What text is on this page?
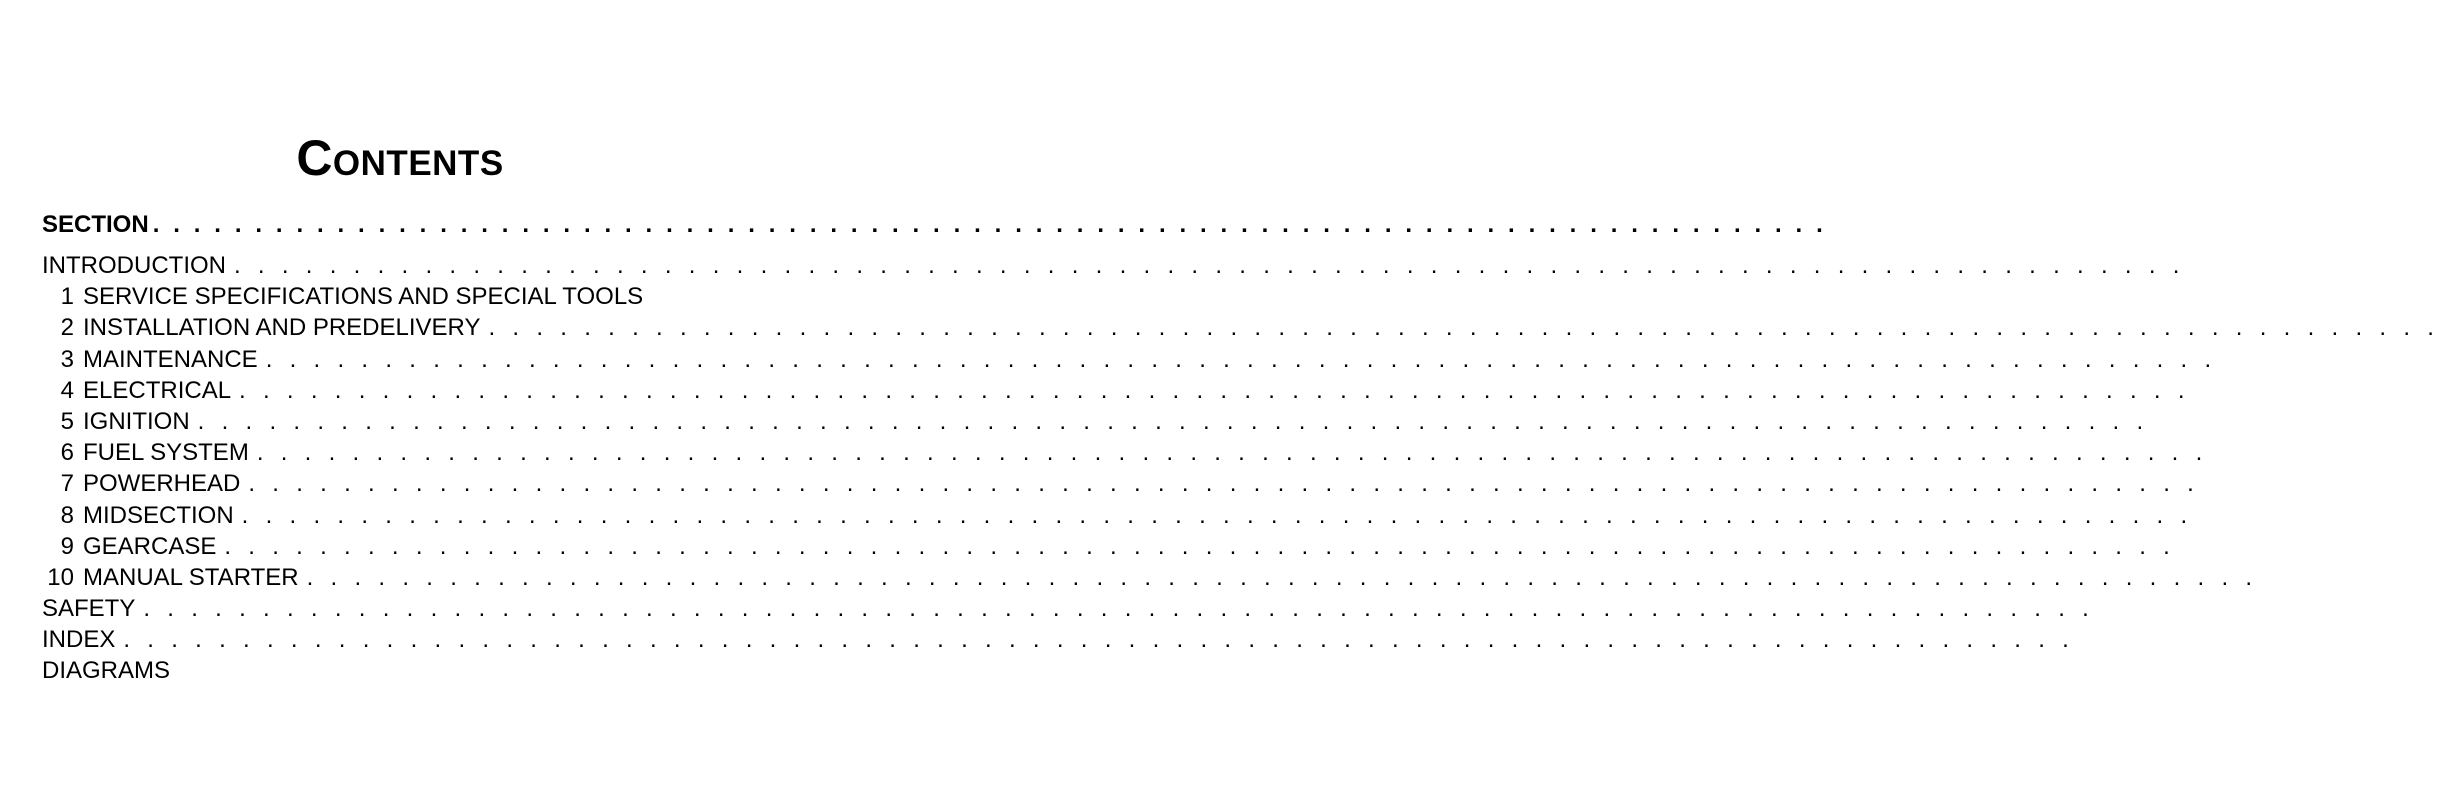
Contents
SECTION . . . . . . . . . . . . . . . . . . . . . . . . . . . . . . . . . . . . . . . . . . . . . . . . . . . . . . . . . . . . . . . . . . . . . . . . . . . . . . . . . .
INTRODUCTION . . . . . . . . . . . . . . . . . . . . . . . . . . . . . . . . . . . . . . . . . . . . . . . . . . . . . . . . . . . . . . . . . . . . . . . . . . . . . . . . . .
1 SERVICE SPECIFICATIONS AND SPECIAL TOOLS
2 INSTALLATION AND PREDELIVERY . . . . . . . . . . . . . . . . . . . . . . . . . . . . . . . . . . . . . . . . . . . . . . . . . . . . . . . . . . . . . . . . . . . . . . . . . . . . . . . . . .
3 MAINTENANCE . . . . . . . . . . . . . . . . . . . . . . . . . . . . . . . . . . . . . . . . . . . . . . . . . . . . . . . . . . . . . . . . . . . . . . . . . . . . . . . . . .
4 ELECTRICAL . . . . . . . . . . . . . . . . . . . . . . . . . . . . . . . . . . . . . . . . . . . . . . . . . . . . . . . . . . . . . . . . . . . . . . . . . . . . . . . . . .
5 IGNITION . . . . . . . . . . . . . . . . . . . . . . . . . . . . . . . . . . . . . . . . . . . . . . . . . . . . . . . . . . . . . . . . . . . . . . . . . . . . . . . . . .
6 FUEL SYSTEM . . . . . . . . . . . . . . . . . . . . . . . . . . . . . . . . . . . . . . . . . . . . . . . . . . . . . . . . . . . . . . . . . . . . . . . . . . . . . . . . . .
7 POWERHEAD . . . . . . . . . . . . . . . . . . . . . . . . . . . . . . . . . . . . . . . . . . . . . . . . . . . . . . . . . . . . . . . . . . . . . . . . . . . . . . . . . .
8 MIDSECTION . . . . . . . . . . . . . . . . . . . . . . . . . . . . . . . . . . . . . . . . . . . . . . . . . . . . . . . . . . . . . . . . . . . . . . . . . . . . . . . . . .
9 GEARCASE . . . . . . . . . . . . . . . . . . . . . . . . . . . . . . . . . . . . . . . . . . . . . . . . . . . . . . . . . . . . . . . . . . . . . . . . . . . . . . . . . .
10 MANUAL STARTER . . . . . . . . . . . . . . . . . . . . . . . . . . . . . . . . . . . . . . . . . . . . . . . . . . . . . . . . . . . . . . . . . . . . . . . . . . . . . . . . . .
SAFETY . . . . . . . . . . . . . . . . . . . . . . . . . . . . . . . . . . . . . . . . . . . . . . . . . . . . . . . . . . . . . . . . . . . . . . . . . . . . . . . . . .
INDEX . . . . . . . . . . . . . . . . . . . . . . . . . . . . . . . . . . . . . . . . . . . . . . . . . . . . . . . . . . . . . . . . . . . . . . . . . . . . . . . . . .
DIAGRAMS
